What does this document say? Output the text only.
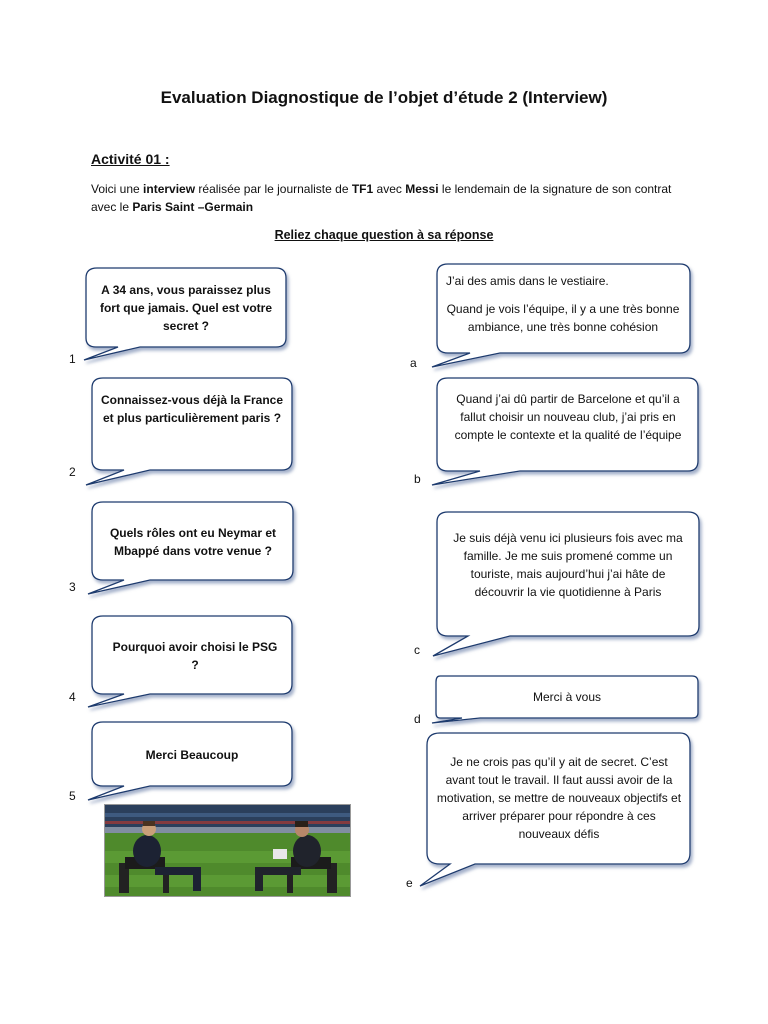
Evaluation Diagnostique de l’objet d’étude 2 (Interview)
Activité 01 :
Voici une interview réalisée par le journaliste de TF1 avec Messi le lendemain de la signature de son contrat avec le Paris Saint –Germain
Reliez chaque question à sa réponse
A 34 ans, vous paraissez plus fort que jamais. Quel est votre secret ?
Connaissez-vous déjà la France et plus particulièrement paris ?
Quels rôles ont eu Neymar et Mbappé dans votre venue ?
Pourquoi avoir choisi le PSG ?
Merci Beaucoup
1
2
3
4
5
J’ai des amis dans le vestiaire.
Quand je vois l’équipe, il y a une très bonne ambiance, une très bonne cohésion
Quand j’ai dû partir de Barcelone et qu’il a fallut choisir un nouveau club, j’ai pris en compte le contexte et la qualité de l’équipe
Je suis déjà venu ici plusieurs fois avec ma famille. Je me suis promené comme un touriste, mais aujourd’hui j’ai hâte de découvrir la vie quotidienne à Paris
Merci à vous
Je ne crois pas qu’il y ait de secret. C’est avant tout le travail. Il faut aussi avoir de la motivation, se mettre de nouveaux objectifs et arriver préparer pour répondre à ces nouveaux défis
a
b
c
d
e
